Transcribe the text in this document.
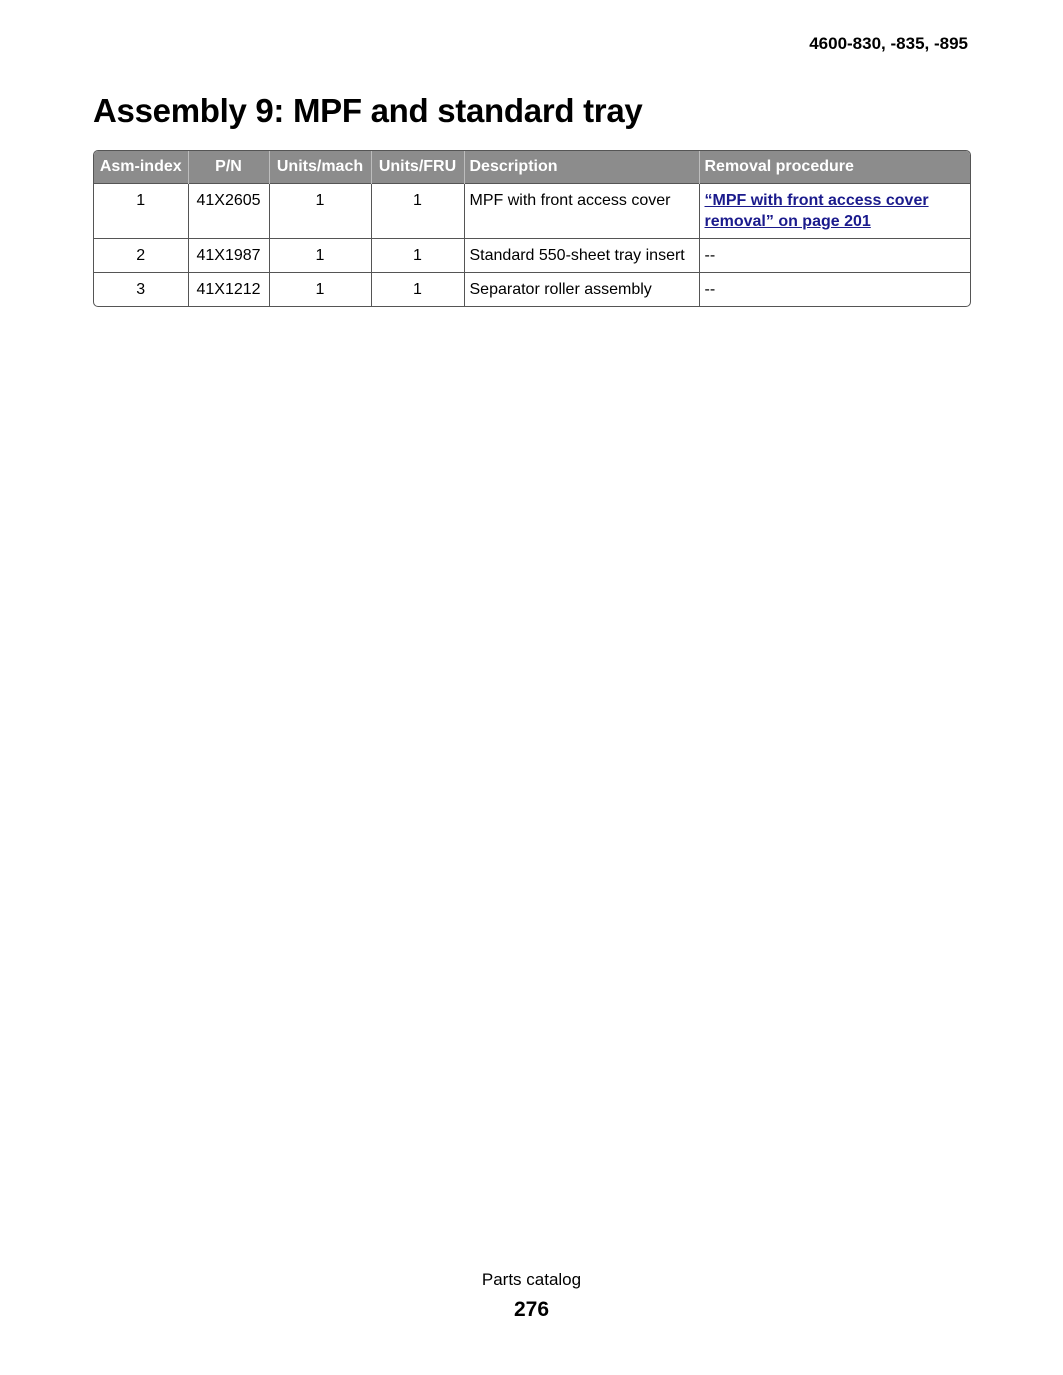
4600-830, -835, -895
Assembly 9: MPF and standard tray
Asm-index	P/N	Units/mach	Units/FRU	Description	Removal procedure
1	41X2605	1	1	MPF with front access cover	“MPF with front access cover removal” on page 201
2	41X1987	1	1	Standard 550-sheet tray insert	--
3	41X1212	1	1	Separator roller assembly	--
Parts catalog
276
